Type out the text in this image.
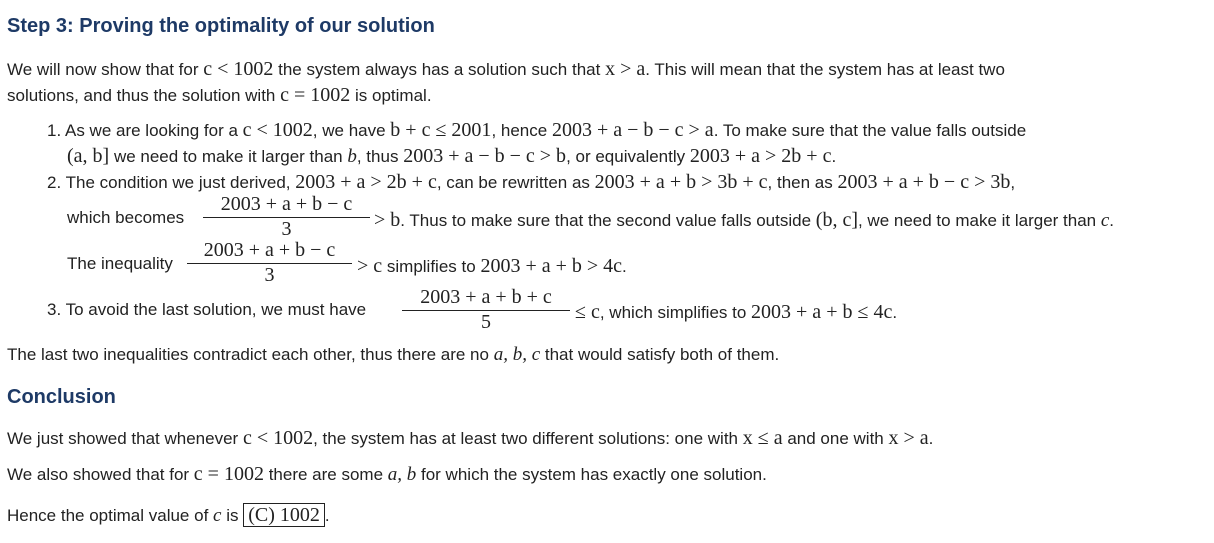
Step 3: Proving the optimality of our solution
We will now show that for c < 1002 the system always has a solution such that x > a. This will mean that the system has at least two
solutions, and thus the solution with c = 1002 is optimal.
1. As we are looking for a c < 1002, we have b + c ≤ 2001, hence 2003 + a − b − c > a. To make sure that the value falls outside
(a, b] we need to make it larger than b, thus 2003 + a − b − c > b, or equivalently 2003 + a > 2b + c.
2. The condition we just derived, 2003 + a > 2b + c, can be rewritten as 2003 + a + b > 3b + c, then as 2003 + a + b − c > 3b,
which becomes
2003 + a + b − c
3	> b. Thus to make sure that the second value falls outside (b, c], we need to make it larger than c.
The inequality
2003 + a + b − c
3	> c simplifies to 2003 + a + b > 4c.
3. To avoid the last solution, we must have
2003 + a + b + c
5	≤ c, which simplifies to 2003 + a + b ≤ 4c.
The last two inequalities contradict each other, thus there are no a, b, c that would satisfy both of them.
Conclusion
We just showed that whenever c < 1002, the system has at least two different solutions: one with x ≤ a and one with x > a.
We also showed that for c = 1002 there are some a, b for which the system has exactly one solution.
Hence the optimal value of c is (C) 1002 .
